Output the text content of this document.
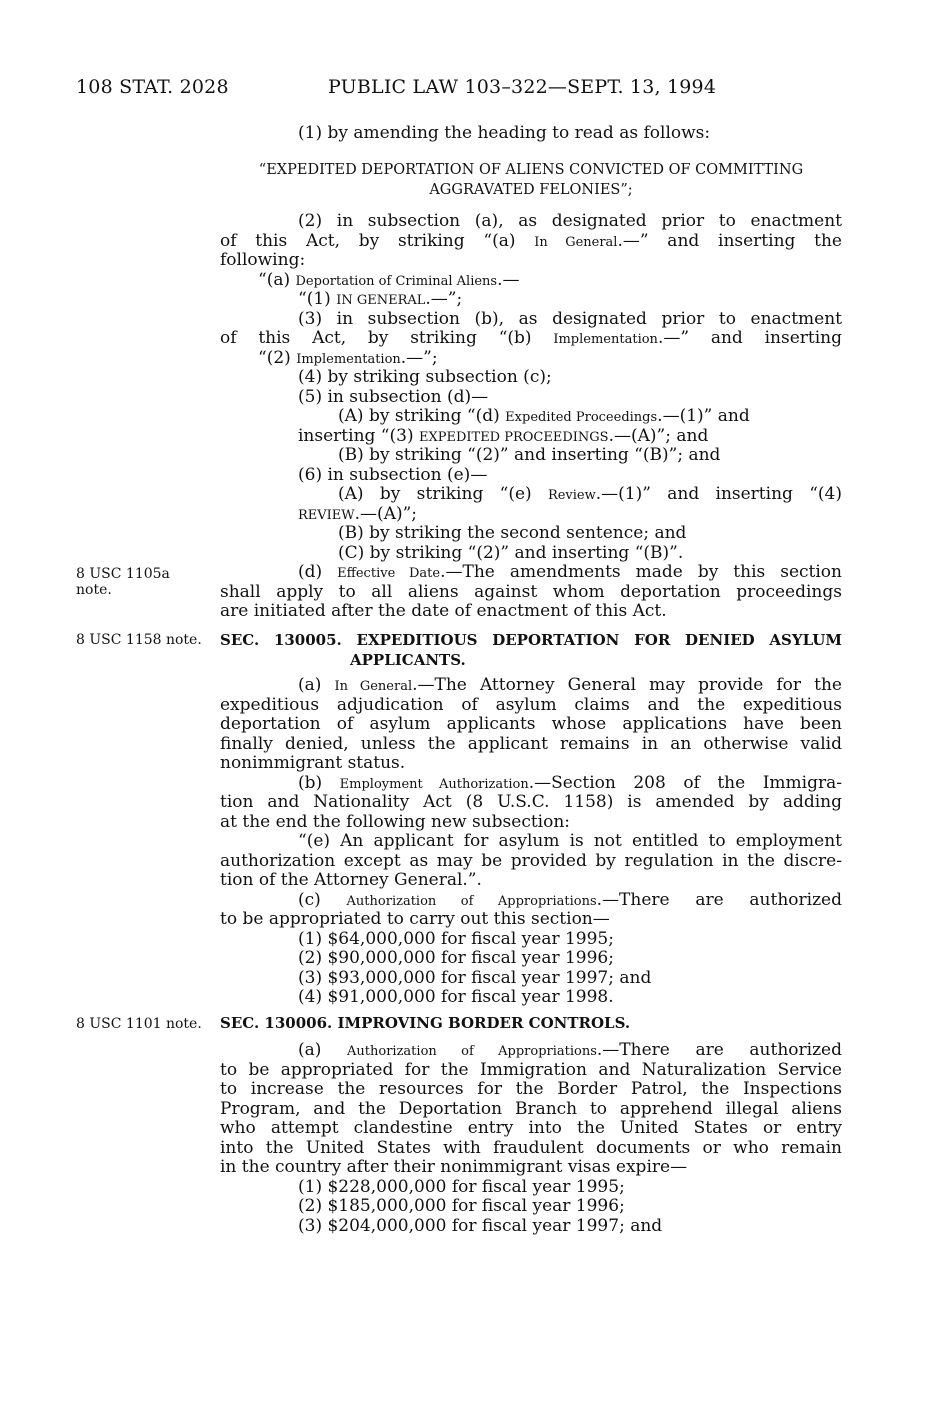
108 STAT. 2028	PUBLIC LAW 103–322—SEPT. 13, 1994
(1) by amending the heading to read as follows:
“EXPEDITED DEPORTATION OF ALIENS CONVICTED OF COMMITTING
AGGRAVATED FELONIES”;
(2) in subsection (a), as designated prior to enactment
of this Act, by striking “(a) In General.—” and inserting the
following:
“(a) Deportation of Criminal Aliens.—
“(1) IN GENERAL.—”;
(3) in subsection (b), as designated prior to enactment
of this Act, by striking “(b) Implementation.—” and inserting
“(2) Implementation.—”;
(4) by striking subsection (c);
(5) in subsection (d)—
(A) by striking “(d) Expedited Proceedings.—(1)” and
inserting “(3) EXPEDITED PROCEEDINGS.—(A)”; and
(B) by striking “(2)” and inserting “(B)”; and
(6) in subsection (e)—
(A) by striking “(e) Review.—(1)” and inserting “(4)
REVIEW.—(A)”;
(B) by striking the second sentence; and
(C) by striking “(2)” and inserting “(B)”.
(d) Effective Date.—The amendments made by this section
shall apply to all aliens against whom deportation proceedings
are initiated after the date of enactment of this Act.
8 USC 1105a
note.
8 USC 1158 note. SEC. 130005. EXPEDITIOUS DEPORTATION FOR DENIED ASYLUM
APPLICANTS.
(a) In General.—The Attorney General may provide for the
expeditious adjudication of asylum claims and the expeditious
deportation of asylum applicants whose applications have been
finally denied, unless the applicant remains in an otherwise valid
nonimmigrant status.
(b) Employment Authorization.—Section 208 of the Immigra-
tion and Nationality Act (8 U.S.C. 1158) is amended by adding
at the end the following new subsection:
“(e) An applicant for asylum is not entitled to employment
authorization except as may be provided by regulation in the discre-
tion of the Attorney General.”.
(c) Authorization of Appropriations.—There are authorized
to be appropriated to carry out this section—
(1) $64,000,000 for fiscal year 1995;
(2) $90,000,000 for fiscal year 1996;
(3) $93,000,000 for fiscal year 1997; and
(4) $91,000,000 for fiscal year 1998.
8 USC 1101 note. SEC. 130006. IMPROVING BORDER CONTROLS.
(a) Authorization of Appropriations.—There are authorized
to be appropriated for the Immigration and Naturalization Service
to increase the resources for the Border Patrol, the Inspections
Program, and the Deportation Branch to apprehend illegal aliens
who attempt clandestine entry into the United States or entry
into the United States with fraudulent documents or who remain
in the country after their nonimmigrant visas expire—
(1) $228,000,000 for fiscal year 1995;
(2) $185,000,000 for fiscal year 1996;
(3) $204,000,000 for fiscal year 1997; and
